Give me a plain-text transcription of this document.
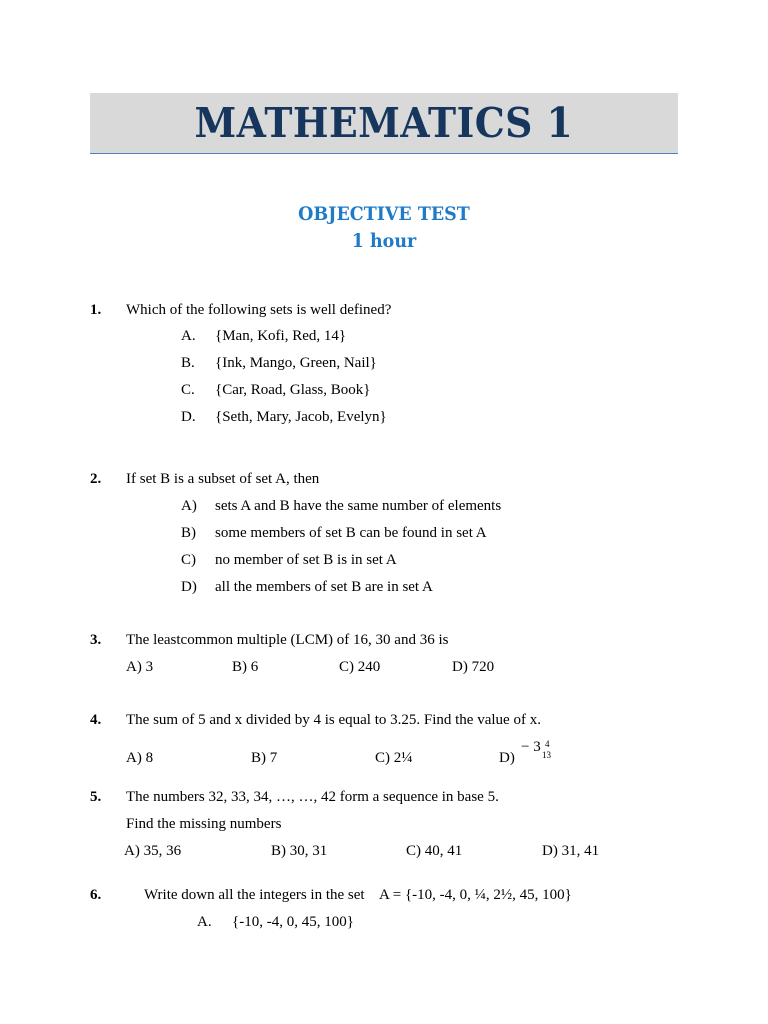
MATHEMATICS 1
OBJECTIVE TEST
1 hour
1. Which of the following sets is well defined?
A. {Man, Kofi, Red, 14}
B. {Ink, Mango, Green, Nail}
C. {Car, Road, Glass, Book}
D. {Seth, Mary, Jacob, Evelyn}
2. If set B is a subset of set A, then
A) sets A and B have the same number of elements
B) some members of set B can be found in set A
C) no member of set B is in set A
D) all the members of set B are in set A
3. The leastcommon multiple (LCM) of 16, 30 and 36 is
A) 3	B) 6	C) 240	D) 720
4. The sum of 5 and x divided by 4 is equal to 3.25. Find the value of x.
A) 8	B) 7	C) 2¼	D)
− 3 4
13
5. The numbers 32, 33, 34, …, …, 42 form a sequence in base 5.
Find the missing numbers
A) 35, 36	B) 30, 31	C) 40, 41	D) 31, 41
6.	Write down all the integers in the set A = {-10, -4, 0, ¼, 2½, 45, 100}
A. {-10, -4, 0, 45, 100}
